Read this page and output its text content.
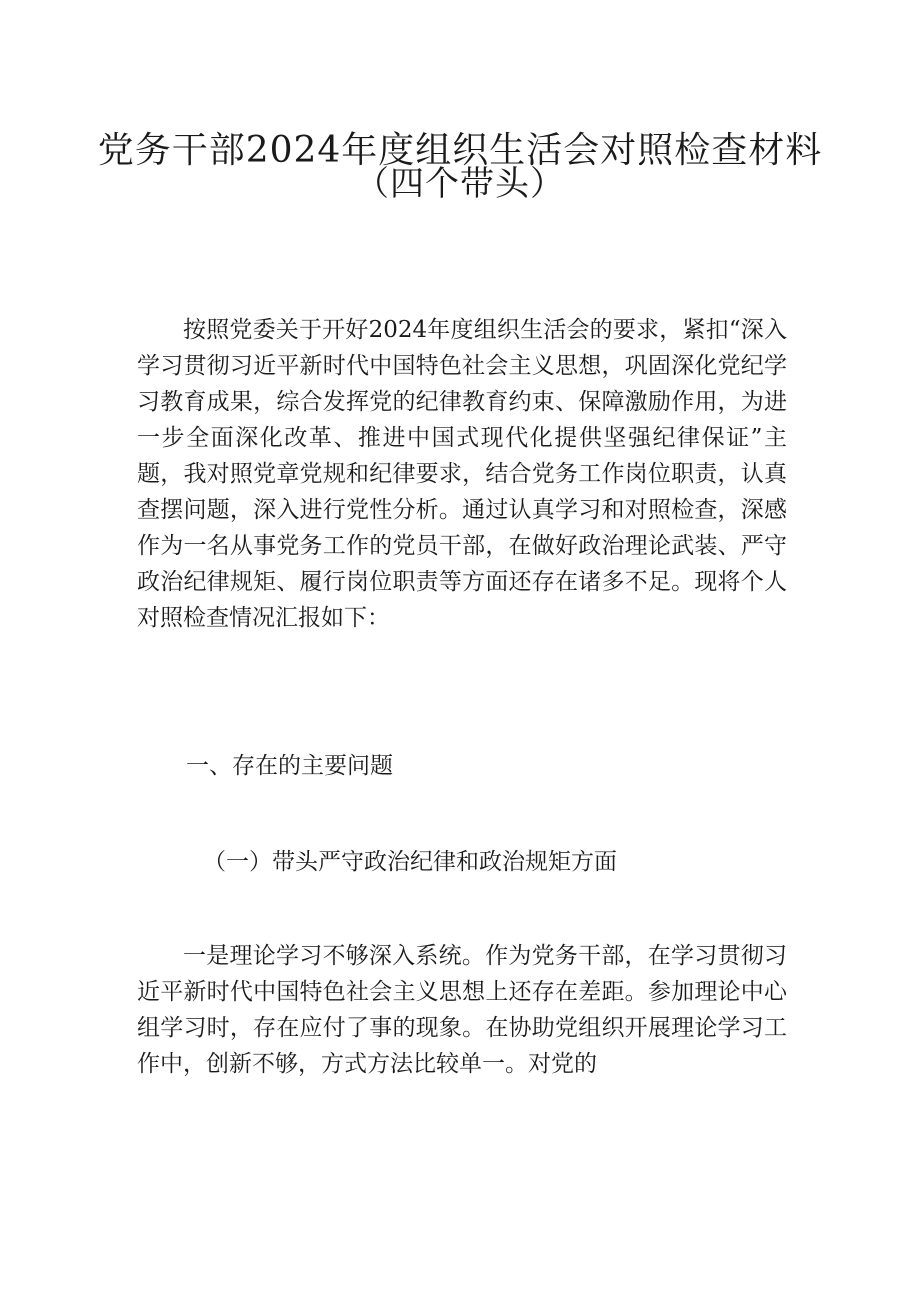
党务干部2024年度组织生活会对照检查材料
（四个带头）

按照党委关于开好2024年度组织生活会的要求，紧扣“深入学习贯彻习近平新时代中国特色社会主义思想，巩固深化党纪学习教育成果，综合发挥党的纪律教育约束、保障激励作用，为进一步全面深化改革、推进中国式现代化提供坚强纪律保证”主题，我对照党章党规和纪律要求，结合党务工作岗位职责，认真查摆问题，深入进行党性分析。通过认真学习和对照检查，深感作为一名从事党务工作的党员干部，在做好政治理论武装、严守政治纪律规矩、履行岗位职责等方面还存在诸多不足。现将个人对照检查情况汇报如下：

一、存在的主要问题
（一）带头严守政治纪律和政治规矩方面

一是理论学习不够深入系统。作为党务干部，在学习贯彻习近平新时代中国特色社会主义思想上还存在差距。参加理论中心组学习时，存在应付了事的现象。在协助党组织开展理论学习工作中，创新不够，方式方法比较单一。对党的
